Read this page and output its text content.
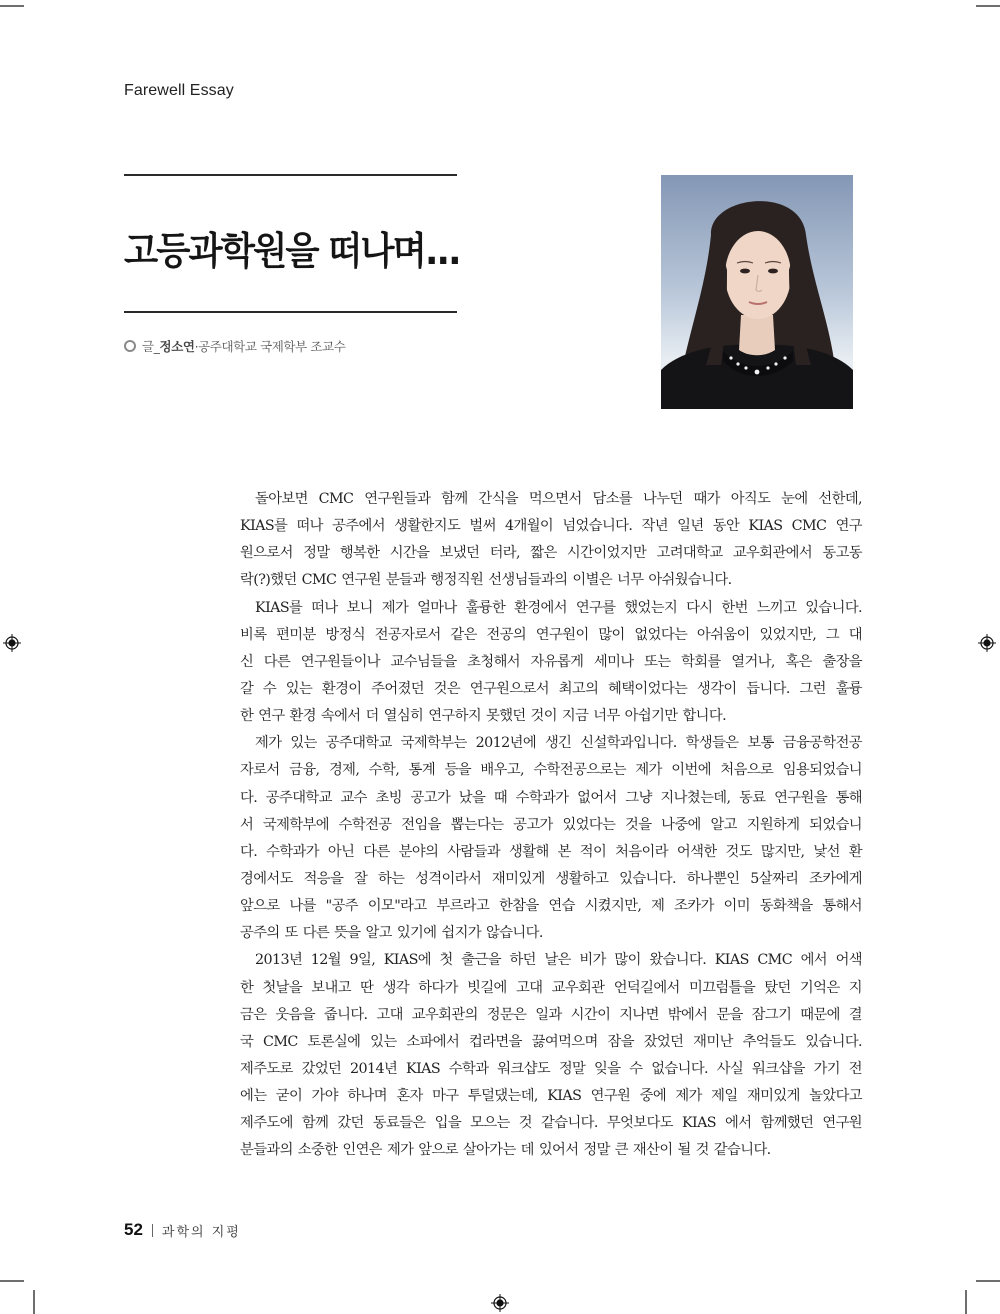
Farewell Essay
고등과학원을 떠나며...
글_ 정소연 ·공주대학교 국제학부 조교수
돌아보면 CMC 연구원들과 함께 간식을 먹으면서 담소를 나누던 때가 아직도 눈에 선한데,
KIAS를 떠나 공주에서 생활한지도 벌써 4개월이 넘었습니다. 작년 일년 동안 KIAS CMC 연구
원으로서 정말 행복한 시간을 보냈던 터라, 짧은 시간이었지만 고려대학교 교우회관에서 동고동
락(?)했던 CMC 연구원 분들과 행정직원 선생님들과의 이별은 너무 아쉬웠습니다.
KIAS를 떠나 보니 제가 얼마나 훌륭한 환경에서 연구를 했었는지 다시 한번 느끼고 있습니다.
비록 편미분 방정식 전공자로서 같은 전공의 연구원이 많이 없었다는 아쉬움이 있었지만, 그 대
신 다른 연구원들이나 교수님들을 초청해서 자유롭게 세미나 또는 학회를 열거나, 혹은 출장을
갈 수 있는 환경이 주어졌던 것은 연구원으로서 최고의 혜택이었다는 생각이 듭니다. 그런 훌륭
한 연구 환경 속에서 더 열심히 연구하지 못했던 것이 지금 너무 아쉽기만 합니다.
제가 있는 공주대학교 국제학부는 2012년에 생긴 신설학과입니다. 학생들은 보통 금융공학전공
자로서 금융, 경제, 수학, 통계 등을 배우고, 수학전공으로는 제가 이번에 처음으로 임용되었습니
다. 공주대학교 교수 초빙 공고가 났을 때 수학과가 없어서 그냥 지나쳤는데, 동료 연구원을 통해
서 국제학부에 수학전공 전임을 뽑는다는 공고가 있었다는 것을 나중에 알고 지원하게 되었습니
다. 수학과가 아닌 다른 분야의 사람들과 생활해 본 적이 처음이라 어색한 것도 많지만, 낯선 환
경에서도 적응을 잘 하는 성격이라서 재미있게 생활하고 있습니다. 하나뿐인 5살짜리 조카에게
앞으로 나를 "공주 이모"라고 부르라고 한참을 연습 시켰지만, 제 조카가 이미 동화책을 통해서
공주의 또 다른 뜻을 알고 있기에 쉽지가 않습니다.
2013년 12월 9일, KIAS에 첫 출근을 하던 날은 비가 많이 왔습니다. KIAS CMC 에서 어색
한 첫날을 보내고 딴 생각 하다가 빗길에 고대 교우회관 언덕길에서 미끄럼틀을 탔던 기억은 지
금은 웃음을 줍니다. 고대 교우회관의 정문은 일과 시간이 지나면 밖에서 문을 잠그기 때문에 결
국 CMC 토론실에 있는 소파에서 컵라면을 끓여먹으며 잠을 잤었던 재미난 추억들도 있습니다.
제주도로 갔었던 2014년 KIAS 수학과 워크샵도 정말 잊을 수 없습니다. 사실 워크샵을 가기 전
에는 굳이 가야 하나며 혼자 마구 투덜댔는데, KIAS 연구원 중에 제가 제일 재미있게 놀았다고
제주도에 함께 갔던 동료들은 입을 모으는 것 같습니다. 무엇보다도 KIAS 에서 함께했던 연구원
분들과의 소중한 인연은 제가 앞으로 살아가는 데 있어서 정말 큰 재산이 될 것 같습니다.
52 과학의 지평
